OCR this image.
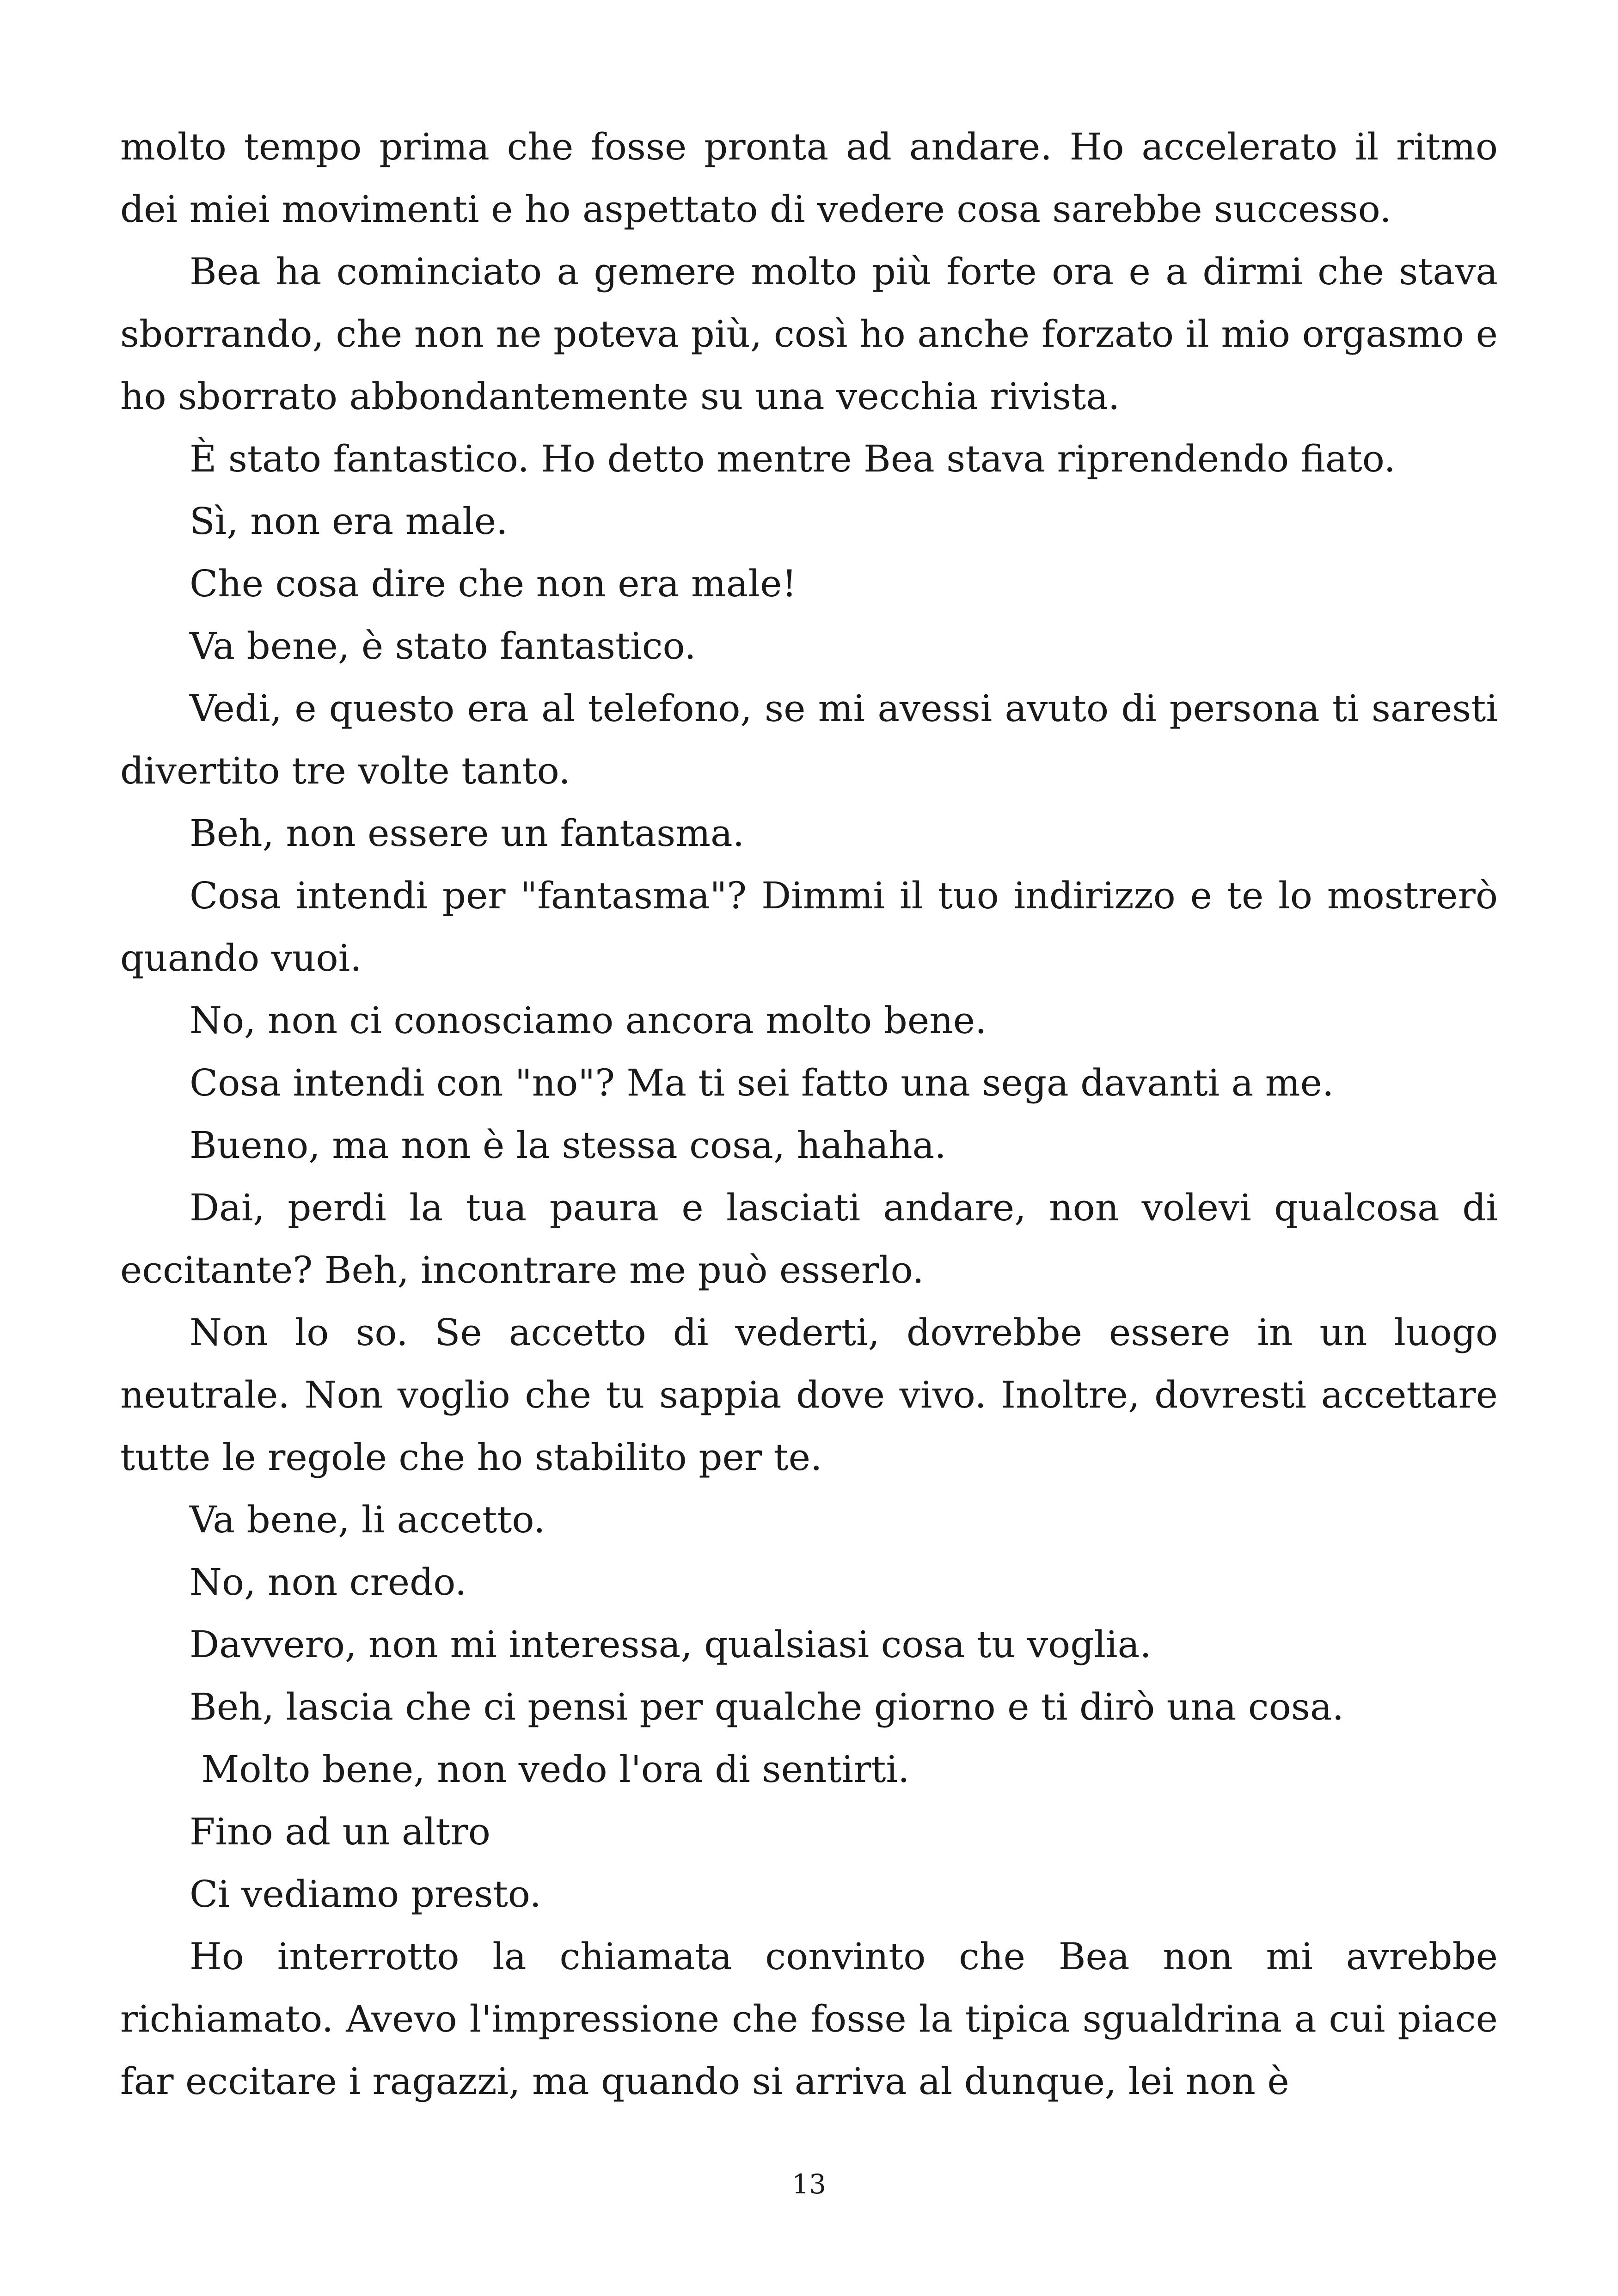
molto tempo prima che fosse pronta ad andare. Ho accelerato il ritmo dei miei movimenti e ho aspettato di vedere cosa sarebbe successo.

Bea ha cominciato a gemere molto più forte ora e a dirmi che stava sborrando, che non ne poteva più, così ho anche forzato il mio orgasmo e ho sborrato abbondantemente su una vecchia rivista.

È stato fantastico. Ho detto mentre Bea stava riprendendo fiato.

Sì, non era male.

Che cosa dire che non era male!

Va bene, è stato fantastico.

Vedi, e questo era al telefono, se mi avessi avuto di persona ti saresti divertito tre volte tanto.

Beh, non essere un fantasma.

Cosa intendi per "fantasma"? Dimmi il tuo indirizzo e te lo mostrerò quando vuoi.

No, non ci conosciamo ancora molto bene.

Cosa intendi con "no"? Ma ti sei fatto una sega davanti a me.

Bueno, ma non è la stessa cosa, hahaha.

Dai, perdi la tua paura e lasciati andare, non volevi qualcosa di eccitante? Beh, incontrare me può esserlo.

Non lo so. Se accetto di vederti, dovrebbe essere in un luogo neutrale. Non voglio che tu sappia dove vivo. Inoltre, dovresti accettare tutte le regole che ho stabilito per te.

Va bene, li accetto.

No, non credo.

Davvero, non mi interessa, qualsiasi cosa tu voglia.

Beh, lascia che ci pensi per qualche giorno e ti dirò una cosa.

Molto bene, non vedo l'ora di sentirti.

Fino ad un altro

Ci vediamo presto.

Ho interrotto la chiamata convinto che Bea non mi avrebbe richiamato. Avevo l'impressione che fosse la tipica sgualdrina a cui piace far eccitare i ragazzi, ma quando si arriva al dunque, lei non è

13
